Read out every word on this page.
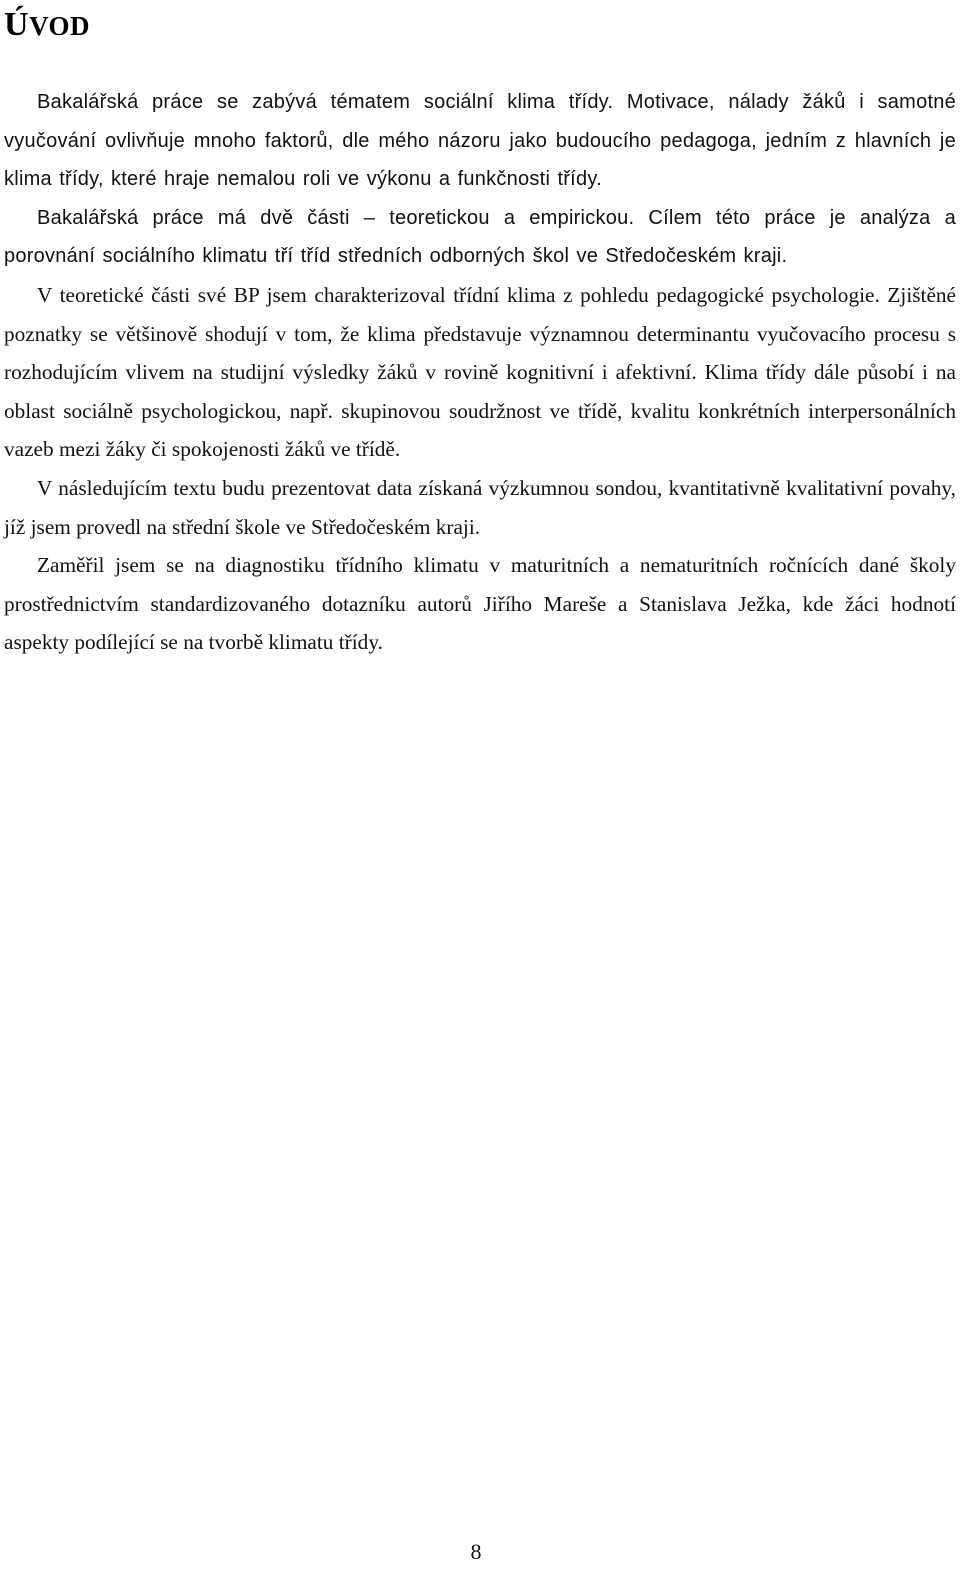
ÚVOD

Bakalářská práce se zabývá tématem sociální klima třídy. Motivace, nálady žáků i samotné vyučování ovlivňuje mnoho faktorů, dle mého názoru jako budoucího pedagoga, jedním z hlavních je klima třídy, které hraje nemalou roli ve výkonu a funkčnosti třídy.

Bakalářská práce má dvě části – teoretickou a empirickou. Cílem této práce je analýza a porovnání sociálního klimatu tří tříd středních odborných škol ve Středočeském kraji.

V teoretické části své BP jsem charakterizoval třídní klima z pohledu pedagogické psychologie. Zjištěné poznatky se většinově shodují v tom, že klima představuje významnou determinantu vyučovacího procesu s rozhodujícím vlivem na studijní výsledky žáků v rovině kognitivní i afektivní. Klima třídy dále působí i na oblast sociálně psychologickou, např. skupinovou soudržnost ve třídě, kvalitu konkrétních interpersonálních vazeb mezi žáky či spokojenosti žáků ve třídě.

V následujícím textu budu prezentovat data získaná výzkumnou sondou, kvantitativně kvalitativní povahy, jíž jsem provedl na střední škole ve Středočeském kraji.

Zaměřil jsem se na diagnostiku třídního klimatu v maturitních a nematuritních ročnících dané školy prostřednictvím standardizovaného dotazníku autorů Jiřího Mareše a Stanislava Ježka, kde žáci hodnotí aspekty podílející se na tvorbě klimatu třídy.

8
